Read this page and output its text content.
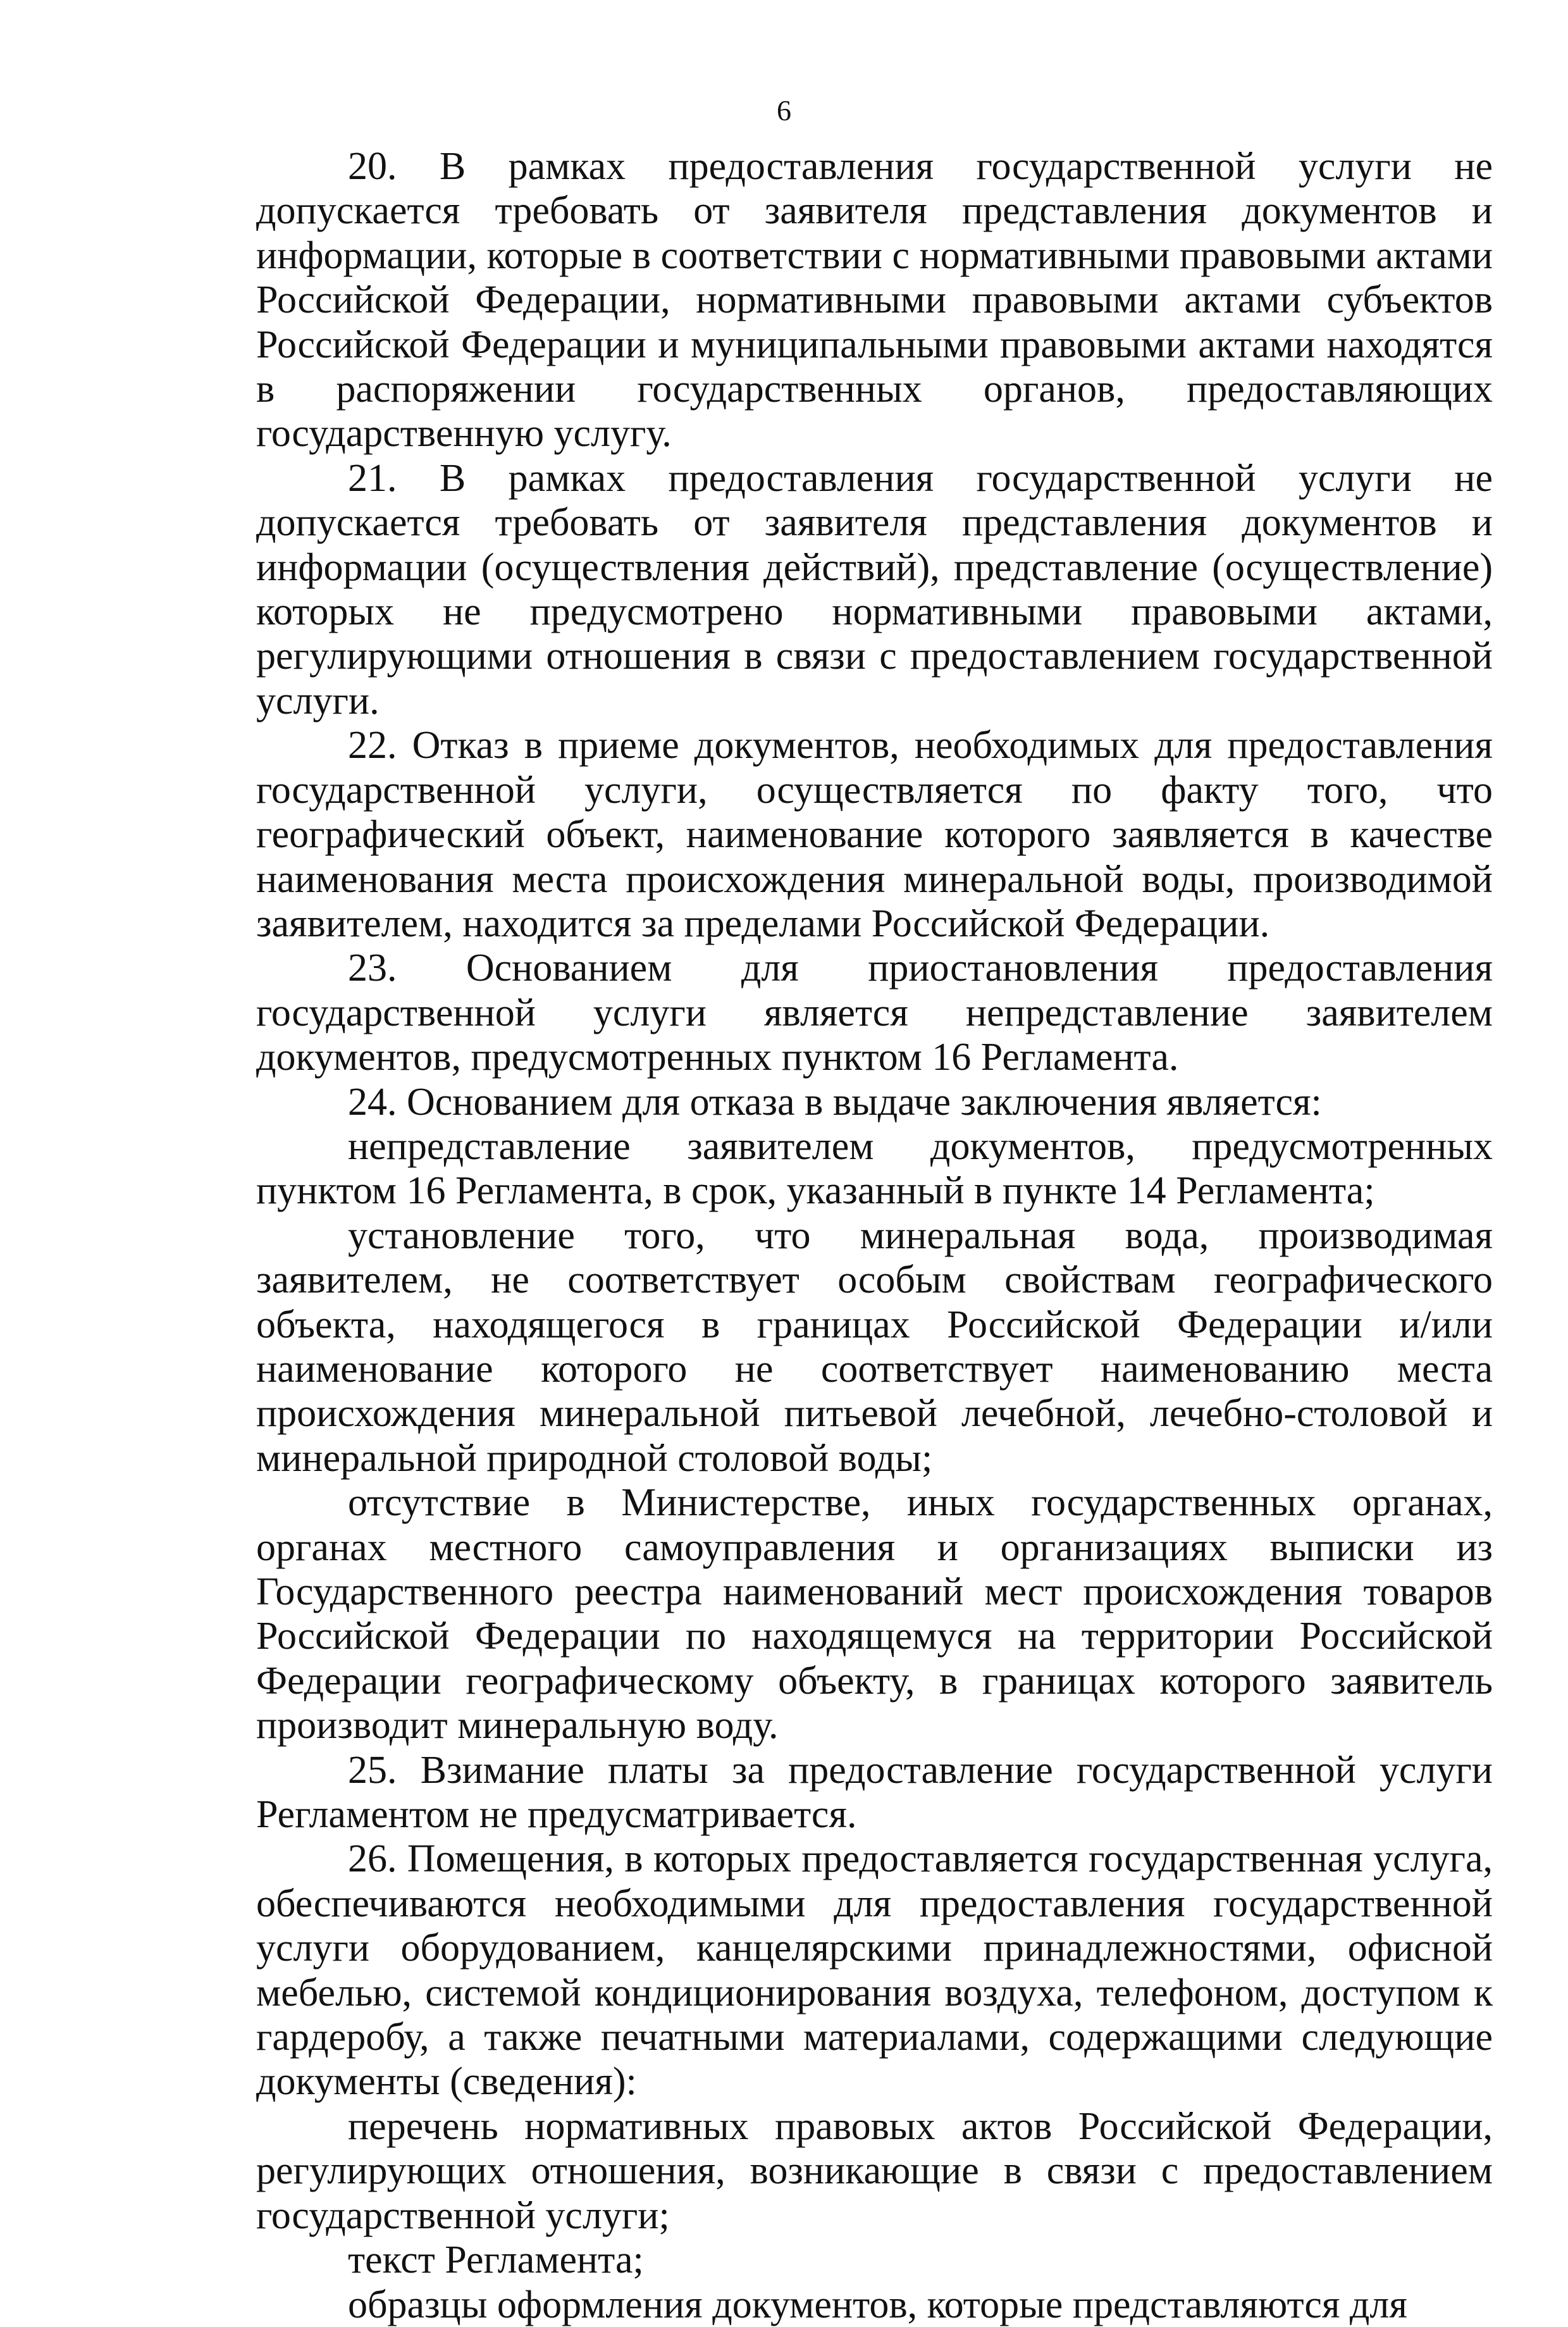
6

20. В рамках предоставления государственной услуги не допускается требовать от заявителя представления документов и информации, которые в соответствии с нормативными правовыми актами Российской Федерации, нормативными правовыми актами субъектов Российской Федерации и муниципальными правовыми актами находятся в распоряжении государственных органов, предоставляющих государственную услугу.

21. В рамках предоставления государственной услуги не допускается требовать от заявителя представления документов и информации (осуществления действий), представление (осуществление) которых не предусмотрено нормативными правовыми актами, регулирующими отношения в связи с предоставлением государственной услуги.

22. Отказ в приеме документов, необходимых для предоставления государственной услуги, осуществляется по факту того, что географический объект, наименование которого заявляется в качестве наименования места происхождения минеральной воды, производимой заявителем, находится за пределами Российской Федерации.

23. Основанием для приостановления предоставления государственной услуги является непредставление заявителем документов, предусмотренных пунктом 16 Регламента.

24. Основанием для отказа в выдаче заключения является:

непредставление заявителем документов, предусмотренных пунктом 16 Регламента, в срок, указанный в пункте 14 Регламента;

установление того, что минеральная вода, производимая заявителем, не соответствует особым свойствам географического объекта, находящегося в границах Российской Федерации и/или наименование которого не соответствует наименованию места происхождения минеральной питьевой лечебной, лечебно-столовой и минеральной природной столовой воды;

отсутствие в Министерстве, иных государственных органах, органах местного самоуправления и организациях выписки из Государственного реестра наименований мест происхождения товаров Российской Федерации по находящемуся на территории Российской Федерации географическому объекту, в границах которого заявитель производит минеральную воду.

25. Взимание платы за предоставление государственной услуги Регламентом не предусматривается.

26. Помещения, в которых предоставляется государственная услуга, обеспечиваются необходимыми для предоставления государственной услуги оборудованием, канцелярскими принадлежностями, офисной мебелью, системой кондиционирования воздуха, телефоном, доступом к гардеробу, а также печатными материалами, содержащими следующие документы (сведения):

перечень нормативных правовых актов Российской Федерации, регулирующих отношения, возникающие в связи с предоставлением государственной услуги;

текст Регламента;

образцы оформления документов, которые представляются для
